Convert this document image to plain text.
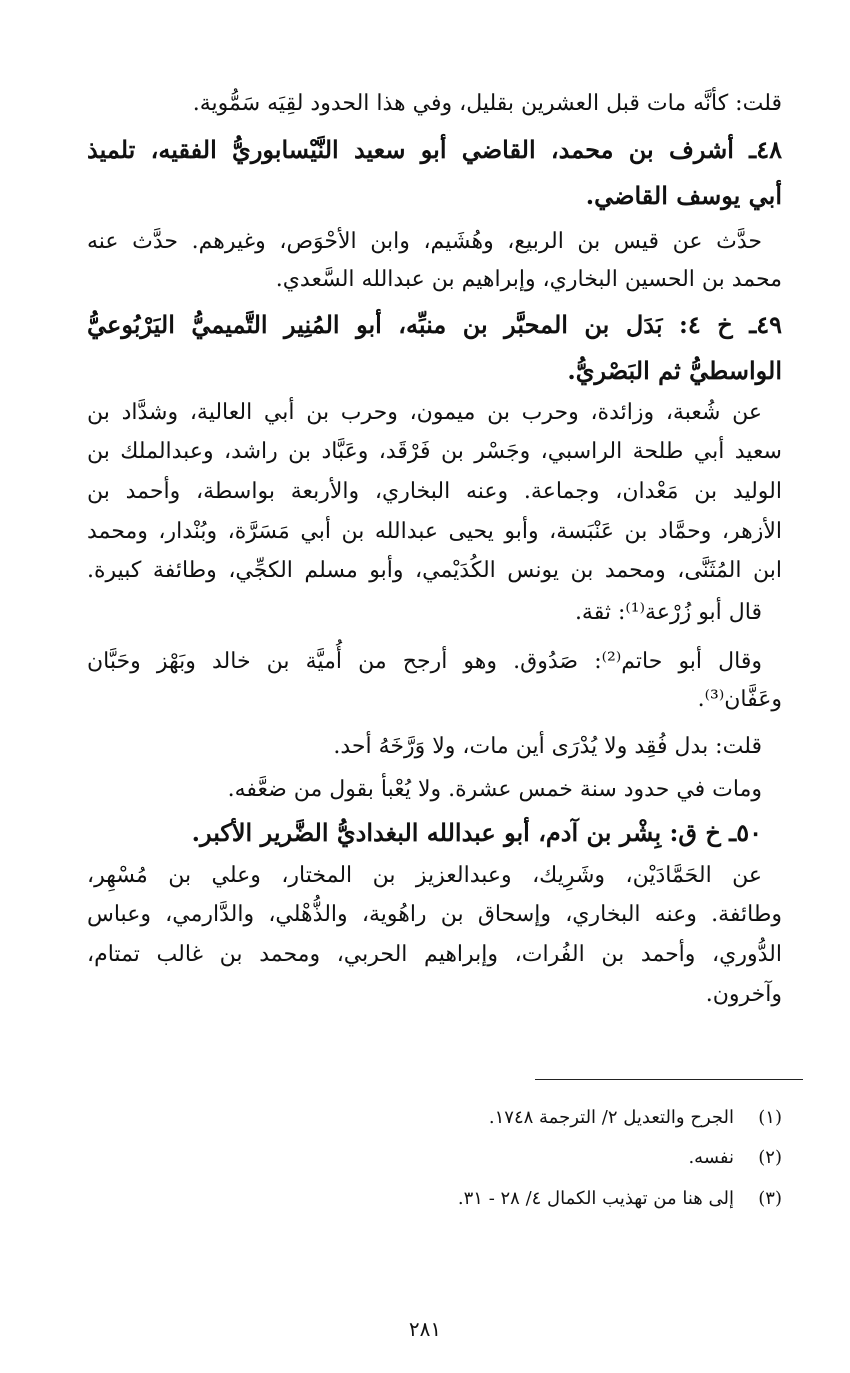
قلت: كأنَّه مات قبل العشرين بقليل، وفي هذا الحدود لقِيَه سَمُّوية.
٤٨ـ أشرف بن محمد، القاضي أبو سعيد النَّيْسابوريُّ الفقيه، تلميذ
أبي يوسف القاضي.
حدَّث عن قيس بن الربيع، وهُشَيم، وابن الأحْوَص، وغيرهم. حدَّث عنه
محمد بن الحسين البخاري، وإبراهيم بن عبدالله السَّعدي.
٤٩ـ خ ٤: بَدَل بن المحبَّر بن منبِّه، أبو المُنِير التَّميميُّ اليَرْبُوعيُّ
الواسطيُّ ثم البَصْريُّ.
عن شُعبة، وزائدة، وحرب بن ميمون، وحرب بن أبي العالية، وشدَّاد بن
سعيد أبي طلحة الراسبي، وجَسْر بن فَرْقَد، وعَبَّاد بن راشد، وعبدالملك بن
الوليد بن مَعْدان، وجماعة. وعنه البخاري، والأربعة بواسطة، وأحمد بن
الأزهر، وحمَّاد بن عَنْبَسة، وأبو يحيى عبدالله بن أبي مَسَرَّة، وبُنْدار، ومحمد
ابن المُثَنَّى، ومحمد بن يونس الكُدَيْمي، وأبو مسلم الكجِّي، وطائفة كبيرة.
قال أبو زُرْعة⁽¹⁾: ثقة.
وقال أبو حاتم⁽²⁾: صَدُوق. وهو أرجح من أُميَّة بن خالد وبَهْز وحَبَّان
وعَفَّان⁽³⁾.
قلت: بدل فُقِد ولا يُدْرَى أين مات، ولا وَرَّخَهُ أحد.
ومات في حدود سنة خمس عشرة. ولا يُعْبأ بقول من ضعَّفه.
٥٠ـ خ ق: بِشْر بن آدم، أبو عبدالله البغداديُّ الضَّرير الأكبر.
عن الحَمَّادَيْن، وشَرِيك، وعبدالعزيز بن المختار، وعلي بن مُسْهِر،
وطائفة. وعنه البخاري، وإسحاق بن راهُوية، والذُّهْلي، والدَّارمي، وعباس
الدُّوري، وأحمد بن الفُرات، وإبراهيم الحربي، ومحمد بن غالب تمتام،
وآخرون.
(١)الجرح والتعديل ٢/ الترجمة ١٧٤٨.
(٢)نفسه.
(٣)إلى هنا من تهذيب الكمال ٤/ ٢٨ - ٣١.
٢٨١
